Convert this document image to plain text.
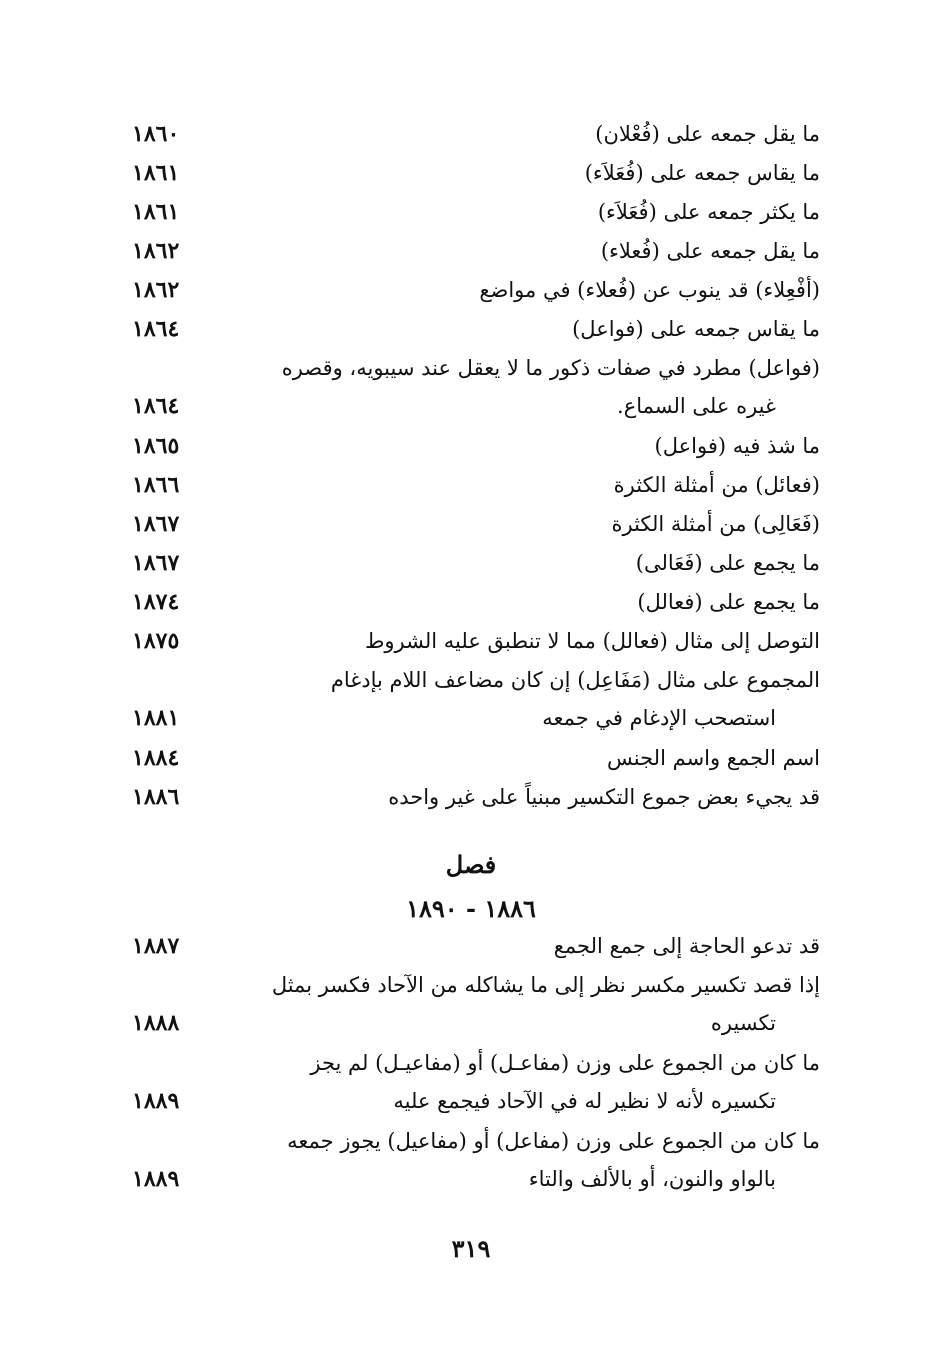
ما يقل جمعه على (فُعْلان)
١٨٦٠
ما يقاس جمعه على (فُعَلاَء)
١٨٦١
ما يكثر جمعه على (فُعَلاَء)
١٨٦١
ما يقل جمعه على (فُعلاء)
١٨٦٢
(أفْعِلاء) قد ينوب عن (فُعلاء) في مواضع
١٨٦٢
ما يقاس جمعه على (فواعل)
١٨٦٤
(فواعل) مطرد في صفات ذكور ما لا يعقل عند سيبويه، وقصره
غيره على السماع.
١٨٦٤
ما شذ فيه (فواعل)
١٨٦٥
(فعائل) من أمثلة الكثرة
١٨٦٦
(فَعَالِى) من أمثلة الكثرة
١٨٦٧
ما يجمع على (فَعَالى)
١٨٦٧
ما يجمع على (فعالل)
١٨٧٤
التوصل إلى مثال (فعالل) مما لا تنطبق عليه الشروط
١٨٧٥
المجموع على مثال (مَفَاعِل) إن كان مضاعف اللام بإدغام
استصحب الإدغام في جمعه
١٨٨١
اسم الجمع واسم الجنس
١٨٨٤
قد يجيء بعض جموع التكسير مبنياً على غير واحده
١٨٨٦
فصل
١٨٨٦ - ١٨٩٠
قد تدعو الحاجة إلى جمع الجمع
١٨٨٧
إذا قصد تكسير مكسر نظر إلى ما يشاكله من الآحاد فكسر بمثل
تكسيره
١٨٨٨
ما كان من الجموع على وزن (مفاعـل) أو (مفاعيـل) لم يجز
تكسيره لأنه لا نظير له في الآحاد فيجمع عليه
١٨٨٩
ما كان من الجموع على وزن (مفاعل) أو (مفاعيل) يجوز جمعه
بالواو والنون، أو بالألف والتاء
١٨٨٩
٣١٩
